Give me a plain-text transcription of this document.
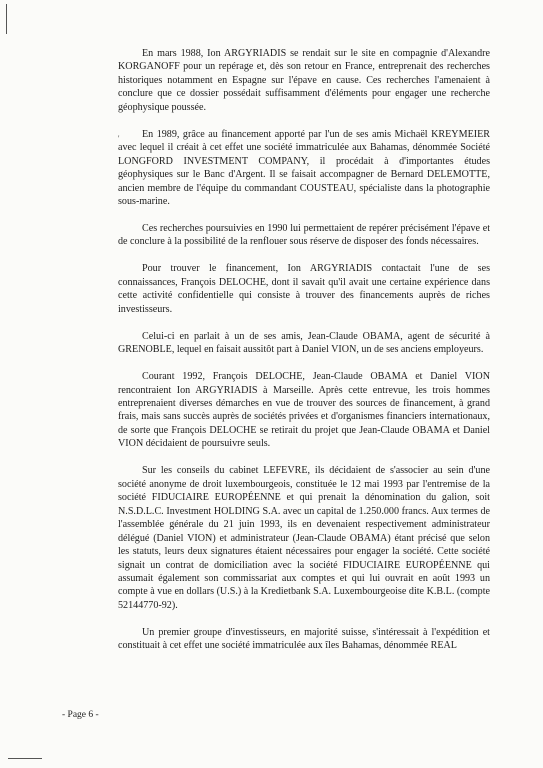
'

En mars 1988, Ion ARGYRIADIS se rendait sur le site en compagnie d'Alexandre KORGANOFF pour un repérage et, dès son retour en France, entreprenait des recherches historiques notamment en Espagne sur l'épave en cause. Ces recherches l'amenaient à conclure que ce dossier possédait suffisamment d'éléments pour engager une recherche géophysique poussée.

En 1989, grâce au financement apporté par l'un de ses amis Michaël KREYMEIER avec lequel il créait à cet effet une société immatriculée aux Bahamas, dénommée Société LONGFORD INVESTMENT COMPANY, il procédait à d'importantes études géophysiques sur le Banc d'Argent. Il se faisait accompagner de Bernard DELEMOTTE, ancien membre de l'équipe du commandant COUSTEAU, spécialiste dans la photographie sous-marine.

Ces recherches poursuivies en 1990 lui permettaient de repérer précisément l'épave et de conclure à la possibilité de la renflouer sous réserve de disposer des fonds nécessaires.

Pour trouver le financement, Ion ARGYRIADIS contactait l'une de ses connaissances, François DELOCHE, dont il savait qu'il avait une certaine expérience dans cette activité confidentielle qui consiste à trouver des financements auprès de riches investisseurs.

Celui-ci en parlait à un de ses amis, Jean-Claude OBAMA, agent de sécurité à GRENOBLE, lequel en faisait aussitôt part à Daniel VION, un de ses anciens employeurs.

Courant 1992, François DELOCHE, Jean-Claude OBAMA et Daniel VION rencontraient Ion ARGYRIADIS à Marseille. Après cette entrevue, les trois hommes entreprenaient diverses démarches en vue de trouver des sources de financement, à grand frais, mais sans succès auprès de sociétés privées et d'organismes financiers internationaux, de sorte que François DELOCHE se retirait du projet que Jean-Claude OBAMA et Daniel VION décidaient de poursuivre seuls.

Sur les conseils du cabinet LEFEVRE, ils décidaient de s'associer au sein d'une société anonyme de droit luxembourgeois, constituée le 12 mai 1993 par l'entremise de la société FIDUCIAIRE EUROPÉENNE et qui prenait la dénomination du galion, soit N.S.D.L.C. Investment HOLDING S.A. avec un capital de 1.250.000 francs. Aux termes de l'assemblée générale du 21 juin 1993, ils en devenaient respectivement administrateur délégué (Daniel VION) et administrateur (Jean-Claude OBAMA) étant précisé que selon les statuts, leurs deux signatures étaient nécessaires pour engager la société. Cette société signait un contrat de domiciliation avec la société FIDUCIAIRE EUROPÉENNE qui assumait également son commissariat aux comptes et qui lui ouvrait en août 1993 un compte à vue en dollars (U.S.) à la Kredietbank S.A. Luxembourgeoise dite K.B.L. (compte 52144770-92).

Un premier groupe d'investisseurs, en majorité suisse, s'intéressait à l'expédition et constituait à cet effet une société immatriculée aux îles Bahamas, dénommée REAL

- Page 6 -
